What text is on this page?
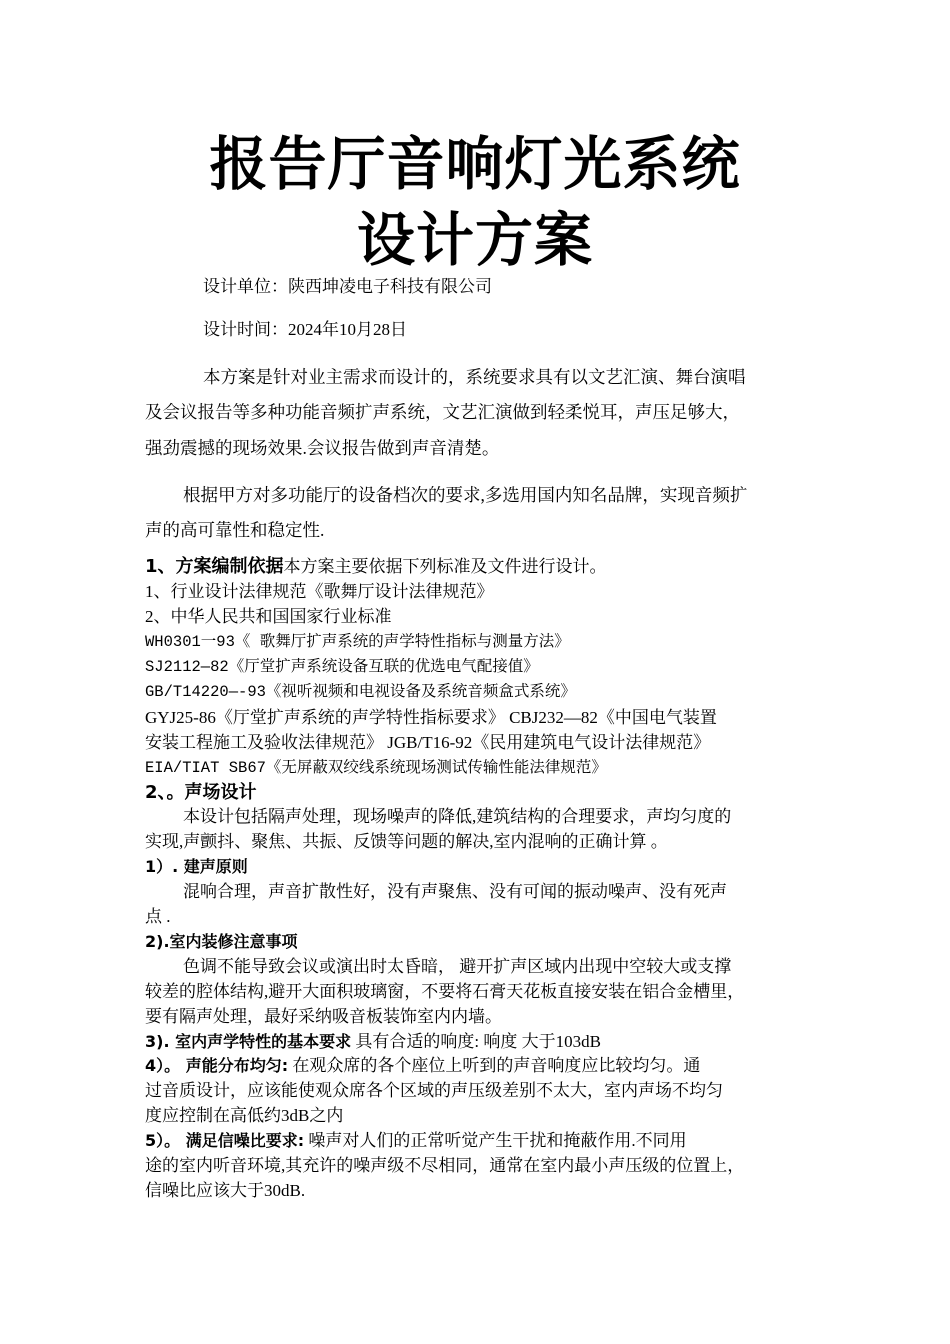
报告厅音响灯光系统
设计方案
设计单位：陕西坤凌电子科技有限公司
设计时间：2024年10月28日
本方案是针对业主需求而设计的，系统要求具有以文艺汇演、舞台演唱
及会议报告等多种功能音频扩声系统，文艺汇演做到轻柔悦耳，声压足够大，
强劲震撼的现场效果.会议报告做到声音清楚。
根据甲方对多功能厅的设备档次的要求,多选用国内知名品牌，实现音频扩
声的高可靠性和稳定性.
1、方案编制依据本方案主要依据下列标准及文件进行设计。
1、行业设计法律规范《歌舞厅设计法律规范》
2、中华人民共和国国家行业标准
WH0301一93《 歌舞厅扩声系统的声学特性指标与测量方法》
SJ2112—82《厅堂扩声系统设备互联的优选电气配接值》
GB/T14220—-93《视听视频和电视设备及系统音频盒式系统》
GYJ25-86《厅堂扩声系统的声学特性指标要求》 CBJ232—82《中国电气装置
安装工程施工及验收法律规范》 JGB/T16-92《民用建筑电气设计法律规范》
EIA/TIAT SB67《无屏蔽双绞线系统现场测试传输性能法律规范》
2、。声场设计
本设计包括隔声处理，现场噪声的降低,建筑结构的合理要求，声均匀度的
实现,声颤抖、聚焦、共振、反馈等问题的解决,室内混响的正确计算 。
1）. 建声原则
混响合理，声音扩散性好，没有声聚焦、没有可闻的振动噪声、没有死声
点 .
2).室内装修注意事项
色调不能导致会议或演出时太昏暗， 避开扩声区域内出现中空较大或支撑
较差的腔体结构,避开大面积玻璃窗，不要将石膏天花板直接安装在铝合金槽里，
要有隔声处理，最好采纳吸音板装饰室内内墙。
3). 室内声学特性的基本要求 具有合适的响度: 响度 大于103dB
4）。 声能分布均匀: 在观众席的各个座位上听到的声音响度应比较均匀。通
过音质设计，应该能使观众席各个区域的声压级差别不太大，室内声场不均匀
度应控制在高低约3dB之内
5）。 满足信噪比要求: 噪声对人们的正常听觉产生干扰和掩蔽作用.不同用
途的室内听音环境,其充许的噪声级不尽相同，通常在室内最小声压级的位置上，
信噪比应该大于30dB.
